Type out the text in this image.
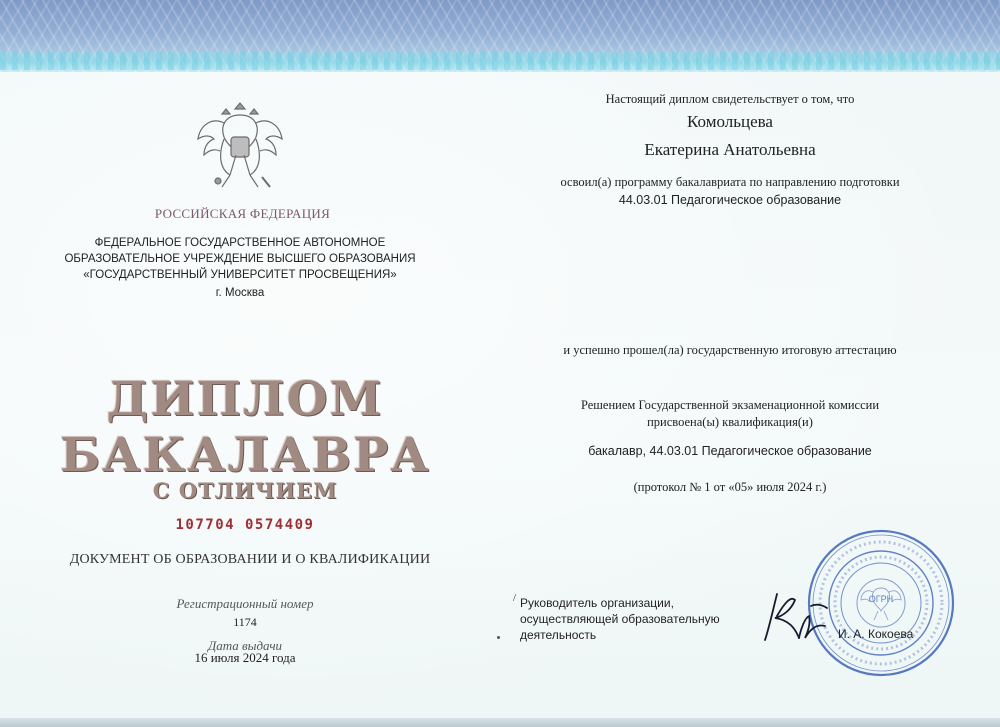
РОССИЙСКАЯ ФЕДЕРАЦИЯ
ФЕДЕРАЛЬНОЕ ГОСУДАРСТВЕННОЕ АВТОНОМНОЕ
ОБРАЗОВАТЕЛЬНОЕ УЧРЕЖДЕНИЕ ВЫСШЕГО ОБРАЗОВАНИЯ
«ГОСУДАРСТВЕННЫЙ УНИВЕРСИТЕТ ПРОСВЕЩЕНИЯ»
г. Москва
ДИПЛОМ
БАКАЛАВРА
С ОТЛИЧИЕМ
107704 0574409
ДОКУМЕНТ ОБ ОБРАЗОВАНИИ И О КВАЛИФИКАЦИИ
Регистрационный номер
1174
Дата выдачи
16 июля 2024 года
Настоящий диплом свидетельствует о том, что
Комольцева
Екатерина Анатольевна
освоил(а) программу бакалавриата по направлению подготовки
44.03.01 Педагогическое образование
и успешно прошел(ла) государственную итоговую аттестацию
Решением Государственной экзаменационной комиссии
присвоена(ы) квалификация(и)
бакалавр, 44.03.01 Педагогическое образование
(протокол № 1 от «05» июля 2024 г.)
/ Руководитель организации,
осуществляющей образовательную
деятельность
ОГРН
И. А. Кокоева
